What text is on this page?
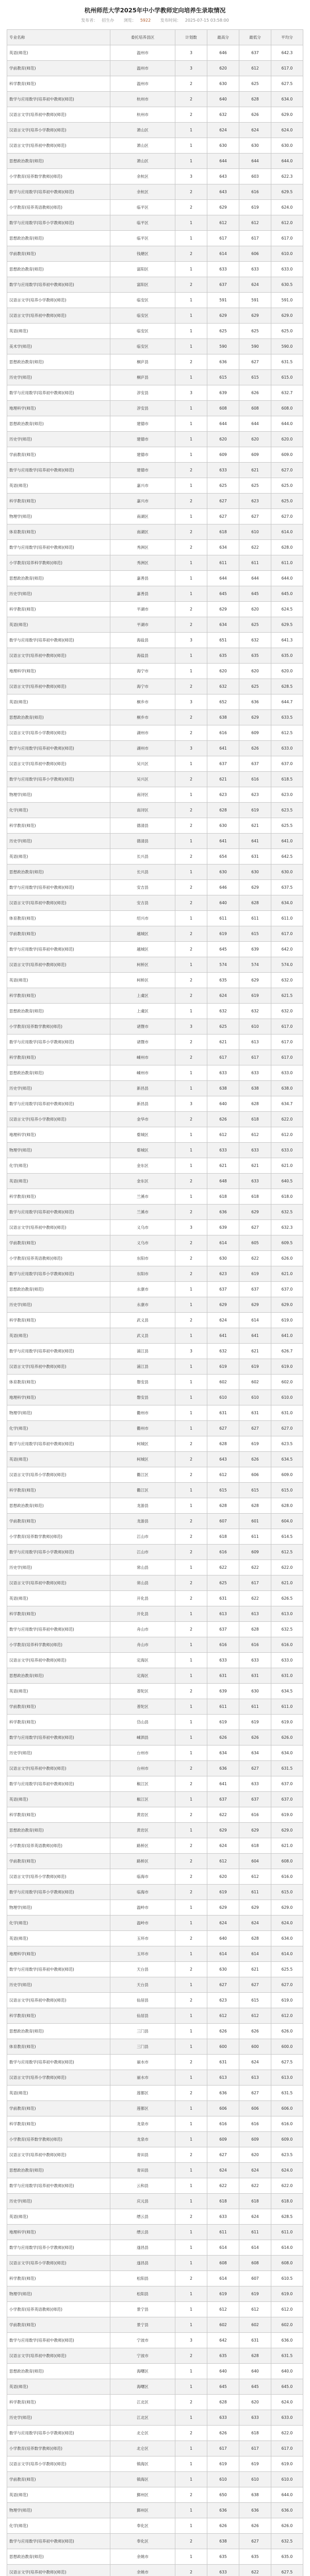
杭州师范大学2025年中小学教师定向培养生录取情况
发布者： 招生办 浏览： 5922 发布时间： 2025-07-15 03:58:00
专业名称	委托培养县区	计划数	最高分	最低分	平均分
英语(师范)	温州市	3	646	637	642.3
学前教育(师范)	温州市	3	620	612	617.0
科学教育(师范)	温州市	2	630	625	627.5
数学与应用数学(培养初中教师)(师范)	杭州市	2	640	628	634.0
汉语言文学(培养初中教师)(师范)	杭州市	2	632	626	629.0
汉语言文学(培养小学教师)(师范)	萧山区	1	624	624	624.0
汉语言文学(培养初中教师)(师范)	萧山区	1	630	630	630.0
思想政治教育(师范)	萧山区	1	644	644	644.0
小学教育(培养数学教师)(师范)	余杭区	3	643	603	622.3
数学与应用数学(培养初中教师)(师范)	余杭区	2	643	616	629.5
小学教育(培养英语教师)(师范)	临平区	2	629	619	624.0
数学与应用数学(培养小学教师)(师范)	临平区	1	612	612	612.0
思想政治教育(师范)	临平区	1	617	617	617.0
学前教育(师范)	钱塘区	2	614	606	610.0
思想政治教育(师范)	富阳区	1	633	633	633.0
数学与应用数学(培养初中教师)(师范)	富阳区	2	637	624	630.5
汉语言文学(培养小学教师)(师范)	临安区	1	591	591	591.0
汉语言文学(培养初中教师)(师范)	临安区	1	629	629	629.0
英语(师范)	临安区	1	625	625	625.0
美术学(师范)	临安区	1	590	590	590.0
思想政治教育(师范)	桐庐县	2	636	627	631.5
历史学(师范)	桐庐县	1	615	615	615.0
数学与应用数学(培养初中教师)(师范)	淳安县	3	639	626	632.7
地理科学(师范)	淳安县	1	608	608	608.0
思想政治教育(师范)	建德市	1	644	644	644.0
历史学(师范)	建德市	1	620	620	620.0
学前教育(师范)	建德市	1	609	609	609.0
数学与应用数学(培养初中教师)(师范)	建德市	2	633	621	627.0
英语(师范)	嘉兴市	1	625	625	625.0
科学教育(师范)	嘉兴市	2	627	623	625.0
物理学(师范)	南湖区	1	627	627	627.0
体育教育(师范)	南湖区	2	618	610	614.0
数学与应用数学(培养初中教师)(师范)	秀洲区	2	634	622	628.0
小学教育(培养科学教师)(师范)	秀洲区	1	611	611	611.0
思想政治教育(师范)	嘉善县	1	644	644	644.0
历史学(师范)	嘉善县	1	645	645	645.0
科学教育(师范)	平湖市	2	629	620	624.5
英语(师范)	平湖市	2	634	625	629.5
数学与应用数学(培养初中教师)(师范)	海盐县	3	651	632	641.3
汉语言文学(培养初中教师)(师范)	海盐县	1	635	635	635.0
地理科学(师范)	海宁市	1	620	620	620.0
汉语言文学(培养初中教师)(师范)	海宁市	2	632	625	628.5
英语(师范)	桐乡市	3	652	636	644.7
思想政治教育(师范)	桐乡市	2	638	629	633.5
汉语言文学(培养小学教师)(师范)	湖州市	2	616	609	612.5
数学与应用数学(培养初中教师)(师范)	湖州市	3	641	626	633.0
汉语言文学(培养初中教师)(师范)	吴兴区	1	637	637	637.0
数学与应用数学(培养小学教师)(师范)	吴兴区	2	621	616	618.5
物理学(师范)	南浔区	1	623	623	623.0
化学(师范)	南浔区	2	628	619	623.5
科学教育(师范)	德清县	2	630	621	625.5
历史学(师范)	德清县	1	641	641	641.0
英语(师范)	长兴县	2	654	631	642.5
思想政治教育(师范)	长兴县	1	630	630	630.0
数学与应用数学(培养初中教师)(师范)	安吉县	2	646	629	637.5
汉语言文学(培养初中教师)(师范)	安吉县	2	640	628	634.0
体育教育(师范)	绍兴市	1	611	611	611.0
学前教育(师范)	越城区	2	619	615	617.0
数学与应用数学(培养初中教师)(师范)	越城区	2	645	639	642.0
汉语言文学(培养初中教师)(师范)	柯桥区	1	574	574	574.0
英语(师范)	柯桥区	2	635	629	632.0
科学教育(师范)	上虞区	2	624	619	621.5
思想政治教育(师范)	上虞区	1	632	632	632.0
小学教育(培养数学教师)(师范)	诸暨市	3	625	610	617.0
数学与应用数学(培养小学教师)(师范)	诸暨市	2	621	613	617.0
科学教育(师范)	嵊州市	2	617	617	617.0
思想政治教育(师范)	嵊州市	1	633	633	633.0
历史学(师范)	新昌县	1	638	638	638.0
数学与应用数学(培养初中教师)(师范)	新昌县	3	640	628	634.7
汉语言文学(培养小学教师)(师范)	金华市	2	626	618	622.0
地理科学(师范)	婺城区	1	612	612	612.0
物理学(师范)	婺城区	1	633	633	633.0
化学(师范)	金东区	1	621	621	621.0
英语(师范)	金东区	2	648	633	640.5
科学教育(师范)	兰溪市	1	618	618	618.0
数学与应用数学(培养初中教师)(师范)	兰溪市	2	636	629	632.5
汉语言文学(培养初中教师)(师范)	义乌市	3	639	627	632.3
学前教育(师范)	义乌市	2	614	605	609.5
小学教育(培养英语教师)(师范)	东阳市	2	630	622	626.0
数学与应用数学(培养小学教师)(师范)	东阳市	2	623	619	621.0
思想政治教育(师范)	永康市	1	637	637	637.0
历史学(师范)	永康市	1	629	629	629.0
科学教育(师范)	武义县	2	624	614	619.0
英语(师范)	武义县	1	641	641	641.0
数学与应用数学(培养初中教师)(师范)	浦江县	3	632	621	626.7
汉语言文学(培养初中教师)(师范)	浦江县	1	619	619	619.0
体育教育(师范)	磐安县	1	602	602	602.0
地理科学(师范)	磐安县	1	610	610	610.0
物理学(师范)	衢州市	1	631	631	631.0
化学(师范)	衢州市	1	627	627	627.0
数学与应用数学(培养初中教师)(师范)	柯城区	2	628	619	623.5
英语(师范)	柯城区	2	643	626	634.5
汉语言文学(培养小学教师)(师范)	衢江区	2	612	606	609.0
科学教育(师范)	衢江区	1	615	615	615.0
思想政治教育(师范)	龙游县	1	628	628	628.0
学前教育(师范)	龙游县	2	607	601	604.0
小学教育(培养数学教师)(师范)	江山市	2	618	611	614.5
数学与应用数学(培养小学教师)(师范)	江山市	2	616	609	612.5
历史学(师范)	常山县	1	622	622	622.0
汉语言文学(培养初中教师)(师范)	常山县	2	625	617	621.0
英语(师范)	开化县	2	631	622	626.5
科学教育(师范)	开化县	1	613	613	613.0
数学与应用数学(培养初中教师)(师范)	舟山市	2	637	628	632.5
小学教育(培养科学教师)(师范)	舟山市	1	616	616	616.0
汉语言文学(培养初中教师)(师范)	定海区	1	633	633	633.0
思想政治教育(师范)	定海区	1	631	631	631.0
英语(师范)	普陀区	2	639	630	634.5
学前教育(师范)	普陀区	1	611	611	611.0
科学教育(师范)	岱山县	1	619	619	619.0
数学与应用数学(培养初中教师)(师范)	嵊泗县	1	626	626	626.0
历史学(师范)	台州市	1	634	634	634.0
汉语言文学(培养初中教师)(师范)	台州市	2	636	627	631.5
数学与应用数学(培养初中教师)(师范)	椒江区	2	641	633	637.0
英语(师范)	椒江区	1	637	637	637.0
科学教育(师范)	黄岩区	2	622	616	619.0
思想政治教育(师范)	黄岩区	1	629	629	629.0
小学教育(培养英语教师)(师范)	路桥区	2	624	618	621.0
学前教育(师范)	路桥区	2	612	604	608.0
汉语言文学(培养小学教师)(师范)	临海市	2	620	612	616.0
数学与应用数学(培养小学教师)(师范)	临海市	2	619	611	615.0
物理学(师范)	温岭市	1	629	629	629.0
化学(师范)	温岭市	1	624	624	624.0
英语(师范)	玉环市	2	640	628	634.0
地理科学(师范)	玉环市	1	614	614	614.0
数学与应用数学(培养初中教师)(师范)	天台县	2	630	621	625.5
历史学(师范)	天台县	1	627	627	627.0
汉语言文学(培养初中教师)(师范)	仙居县	2	623	615	619.0
科学教育(师范)	仙居县	1	612	612	612.0
思想政治教育(师范)	三门县	1	626	626	626.0
体育教育(师范)	三门县	1	600	600	600.0
数学与应用数学(培养初中教师)(师范)	丽水市	2	631	624	627.5
汉语言文学(培养小学教师)(师范)	丽水市	1	613	613	613.0
英语(师范)	莲都区	2	636	627	631.5
学前教育(师范)	莲都区	1	606	606	606.0
科学教育(师范)	龙泉市	1	616	616	616.0
小学教育(培养数学教师)(师范)	龙泉市	1	609	609	609.0
汉语言文学(培养初中教师)(师范)	青田县	2	627	620	623.5
思想政治教育(师范)	青田县	1	624	624	624.0
数学与应用数学(培养初中教师)(师范)	云和县	1	622	622	622.0
历史学(师范)	庆元县	1	618	618	618.0
英语(师范)	缙云县	2	633	624	628.5
地理科学(师范)	缙云县	1	611	611	611.0
数学与应用数学(培养小学教师)(师范)	遂昌县	1	614	614	614.0
汉语言文学(培养小学教师)(师范)	遂昌县	1	608	608	608.0
科学教育(师范)	松阳县	2	614	607	610.5
物理学(师范)	松阳县	1	619	619	619.0
小学教育(培养英语教师)(师范)	景宁县	1	612	612	612.0
学前教育(师范)	景宁县	1	602	602	602.0
数学与应用数学(培养初中教师)(师范)	宁波市	3	642	631	636.0
汉语言文学(培养初中教师)(师范)	宁波市	2	635	628	631.5
思想政治教育(师范)	海曙区	1	640	640	640.0
英语(师范)	海曙区	1	645	645	645.0
科学教育(师范)	江北区	2	628	620	624.0
历史学(师范)	江北区	1	633	633	633.0
数学与应用数学(培养小学教师)(师范)	北仑区	2	626	618	622.0
小学教育(培养数学教师)(师范)	北仑区	1	617	617	617.0
汉语言文学(培养小学教师)(师范)	镇海区	1	619	619	619.0
学前教育(师范)	镇海区	1	610	610	610.0
英语(师范)	鄞州区	2	650	638	644.0
物理学(师范)	鄞州区	1	636	636	636.0
化学(师范)	奉化区	1	626	626	626.0
数学与应用数学(培养初中教师)(师范)	奉化区	2	638	627	632.5
思想政治教育(师范)	余姚市	1	635	635	635.0
汉语言文学(培养初中教师)(师范)	余姚市	2	633	622	627.5
